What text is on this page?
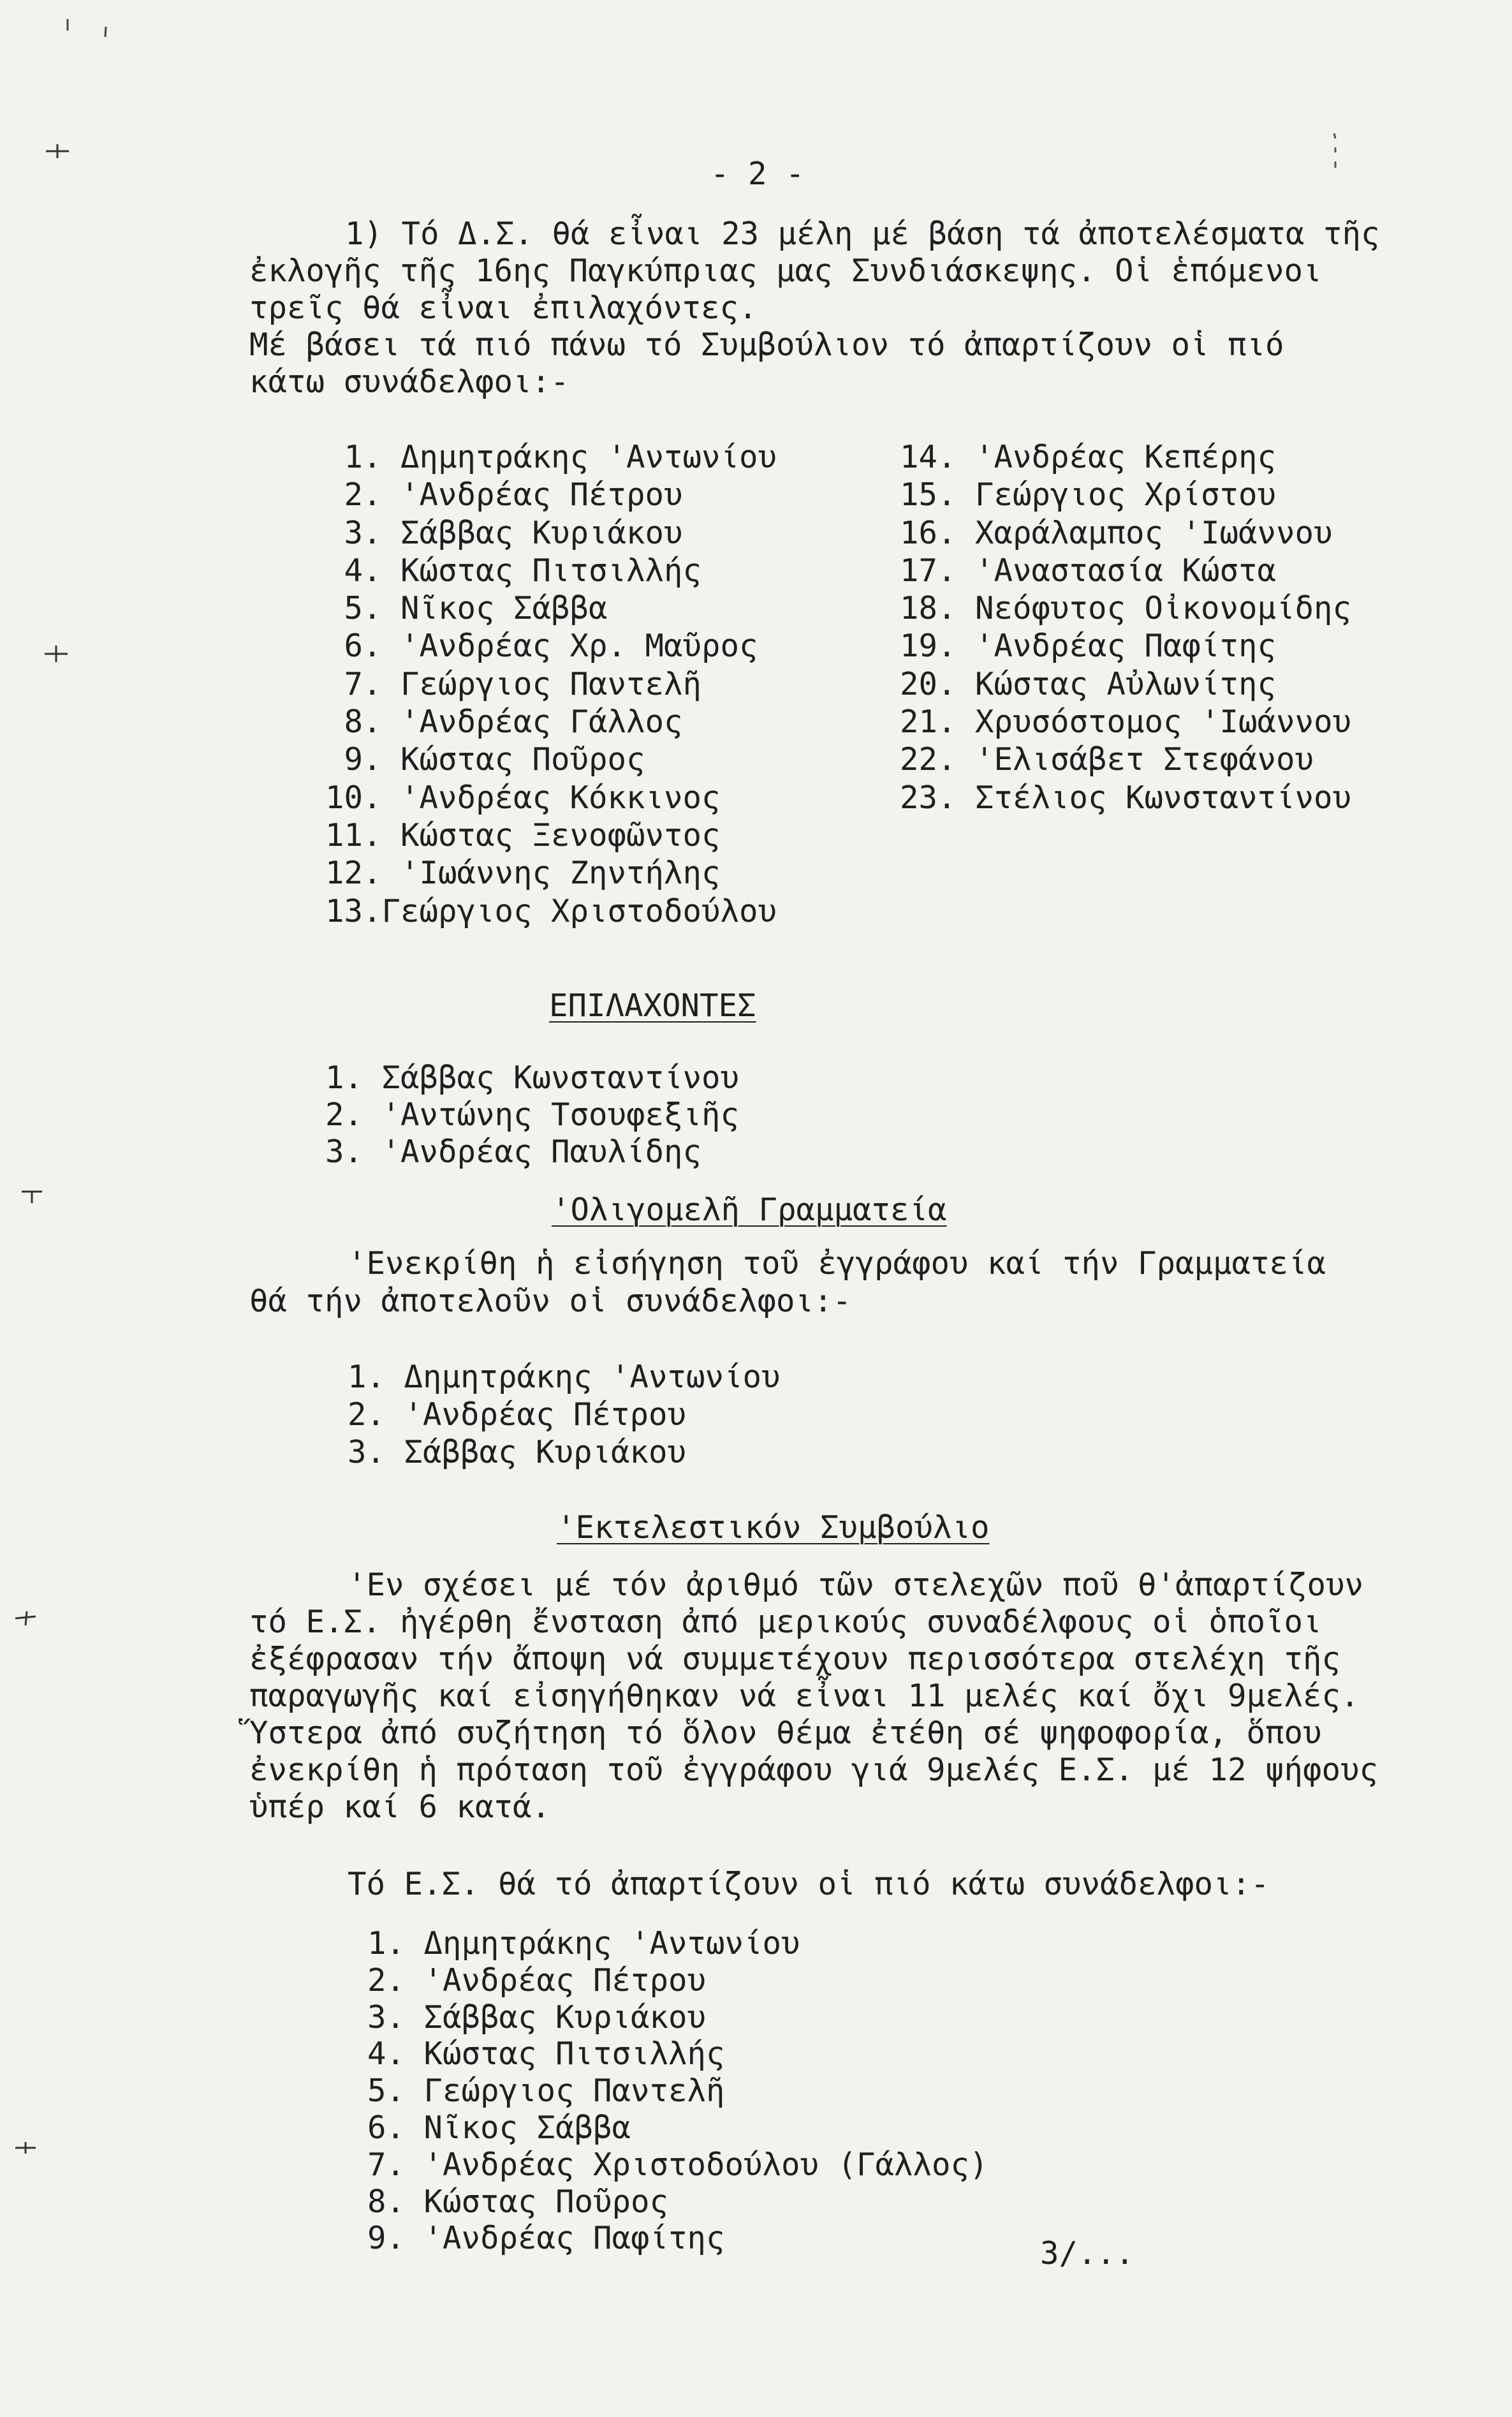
- 2 -
1) Τό Δ.Σ. θά εἶναι 23 μέλη μέ βάση τά ἀποτελέσματα τῆς
ἐκλογῆς τῆς 16ης Παγκύπριας μας Συνδιάσκεψης. Οἱ ἑπόμενοι
τρεῖς θά εἶναι ἐπιλαχόντες.
Μέ βάσει τά πιό πάνω τό Συμβούλιον τό ἀπαρτίζουν οἱ πιό
κάτω συνάδελφοι:-
1. Δημητράκης 'Αντωνίου
2. 'Ανδρέας Πέτρου
3. Σάββας Κυριάκου
4. Κώστας Πιτσιλλής
5. Νῖκος Σάββα
6. 'Ανδρέας Χρ. Μαῦρος
7. Γεώργιος Παντελῆ
8. 'Ανδρέας Γάλλος
9. Κώστας Ποῦρος
10. 'Ανδρέας Κόκκινος
11. Κώστας Ξενοφῶντος
12. 'Ιωάννης Ζηντήλης
13.Γεώργιος Χριστοδούλου
14. 'Ανδρέας Κεπέρης
15. Γεώργιος Χρίστου
16. Χαράλαμπος 'Ιωάννου
17. 'Αναστασία Κώστα
18. Νεόφυτος Οἰκονομίδης
19. 'Ανδρέας Παφίτης
20. Κώστας Αὐλωνίτης
21. Χρυσόστομος 'Ιωάννου
22. 'Ελισάβετ Στεφάνου
23. Στέλιος Κωνσταντίνου
ΕΠΙΛΑΧΟΝΤΕΣ
1. Σάββας Κωνσταντίνου
2. 'Αντώνης Τσουφεξιῆς
3. 'Ανδρέας Παυλίδης
'Ολιγομελῆ Γραμματεία
'Ενεκρίθη ἡ εἰσήγηση τοῦ ἐγγράφου καί τήν Γραμματεία
θά τήν ἀποτελοῦν οἱ συνάδελφοι:-
1. Δημητράκης 'Αντωνίου
2. 'Ανδρέας Πέτρου
3. Σάββας Κυριάκου
'Εκτελεστικόν Συμβούλιο
'Εν σχέσει μέ τόν ἀριθμό τῶν στελεχῶν ποῦ θ'ἀπαρτίζουν
τό Ε.Σ. ἠγέρθη ἔνσταση ἀπό μερικούς συναδέλφους οἱ ὁποῖοι
ἐξέφρασαν τήν ἄποψη νά συμμετέχουν περισσότερα στελέχη τῆς
παραγωγῆς καί εἰσηγήθηκαν νά εἶναι 11 μελές καί ὄχι 9μελές.
Ὕστερα ἀπό συζήτηση τό ὅλον θέμα ἐτέθη σέ ψηφοφορία, ὅπου
ἐνεκρίθη ἡ πρόταση τοῦ ἐγγράφου γιά 9μελές Ε.Σ. μέ 12 ψήφους
ὑπέρ καί 6 κατά.
Τό Ε.Σ. θά τό ἀπαρτίζουν οἱ πιό κάτω συνάδελφοι:-
1. Δημητράκης 'Αντωνίου
2. 'Ανδρέας Πέτρου
3. Σάββας Κυριάκου
4. Κώστας Πιτσιλλής
5. Γεώργιος Παντελῆ
6. Νῖκος Σάββα
7. 'Ανδρέας Χριστοδούλου (Γάλλος)
8. Κώστας Ποῦρος
9. 'Ανδρέας Παφίτης	3/...
